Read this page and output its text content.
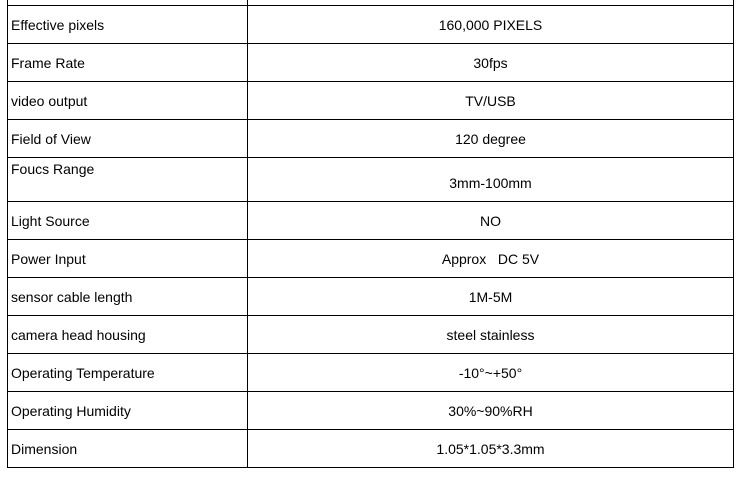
Effective pixels	160,000 PIXELS
Frame Rate	30fps
video output	TV/USB
Field of View	120 degree
Foucs Range	3mm-100mm
Light Source	NO
Power Input	Approx   DC 5V
sensor cable length	1M-5M
camera head housing	steel stainless
Operating Temperature	-10°~+50°
Operating Humidity	30%~90%RH
Dimension	1.05*1.05*3.3mm
